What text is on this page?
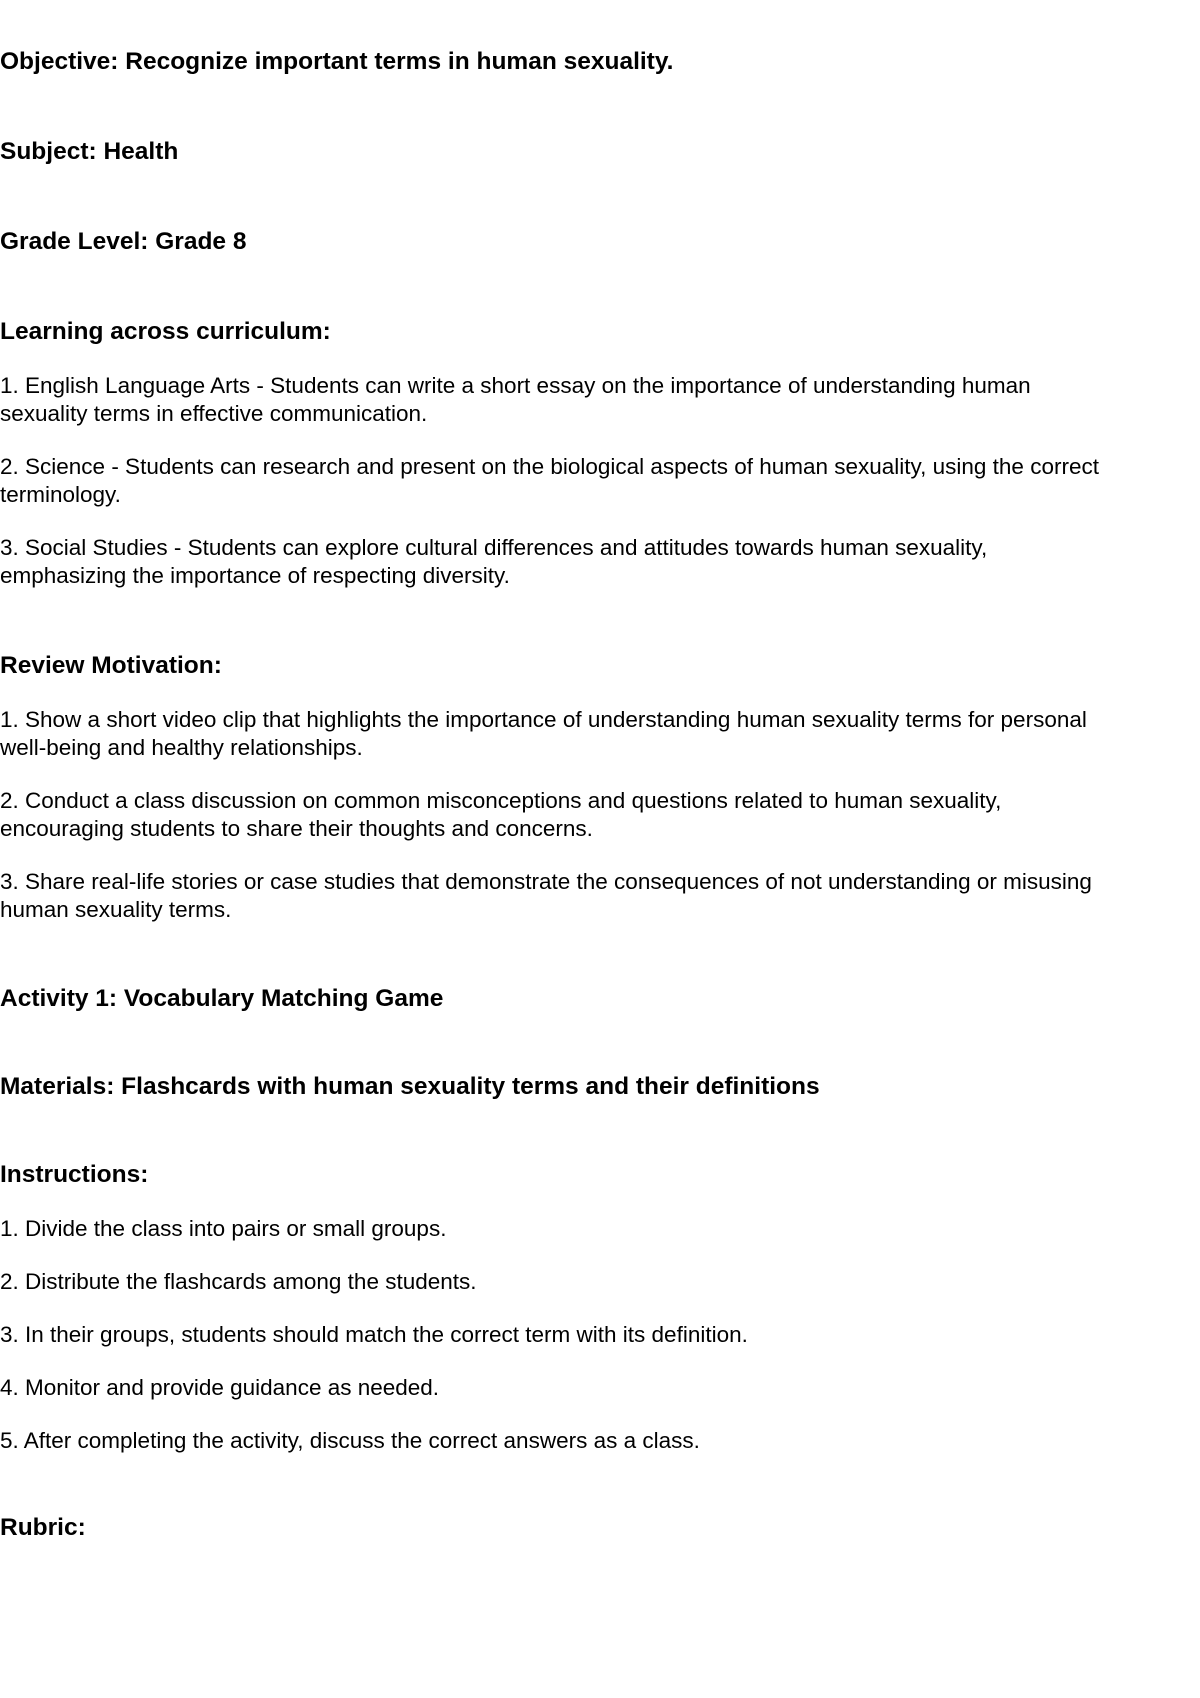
Objective: Recognize important terms in human sexuality.

Subject: Health

Grade Level: Grade 8

Learning across curriculum:

1. English Language Arts - Students can write a short essay on the importance of understanding human

sexuality terms in effective communication.

2. Science - Students can research and present on the biological aspects of human sexuality, using the correct

terminology.

3. Social Studies - Students can explore cultural differences and attitudes towards human sexuality,

emphasizing the importance of respecting diversity.

Review Motivation:

1. Show a short video clip that highlights the importance of understanding human sexuality terms for personal

well-being and healthy relationships.

2. Conduct a class discussion on common misconceptions and questions related to human sexuality,

encouraging students to share their thoughts and concerns.

3. Share real-life stories or case studies that demonstrate the consequences of not understanding or misusing

human sexuality terms.

Activity 1: Vocabulary Matching Game

Materials: Flashcards with human sexuality terms and their definitions

Instructions:

1. Divide the class into pairs or small groups.

2. Distribute the flashcards among the students.

3. In their groups, students should match the correct term with its definition.

4. Monitor and provide guidance as needed.

5. After completing the activity, discuss the correct answers as a class.

Rubric:
